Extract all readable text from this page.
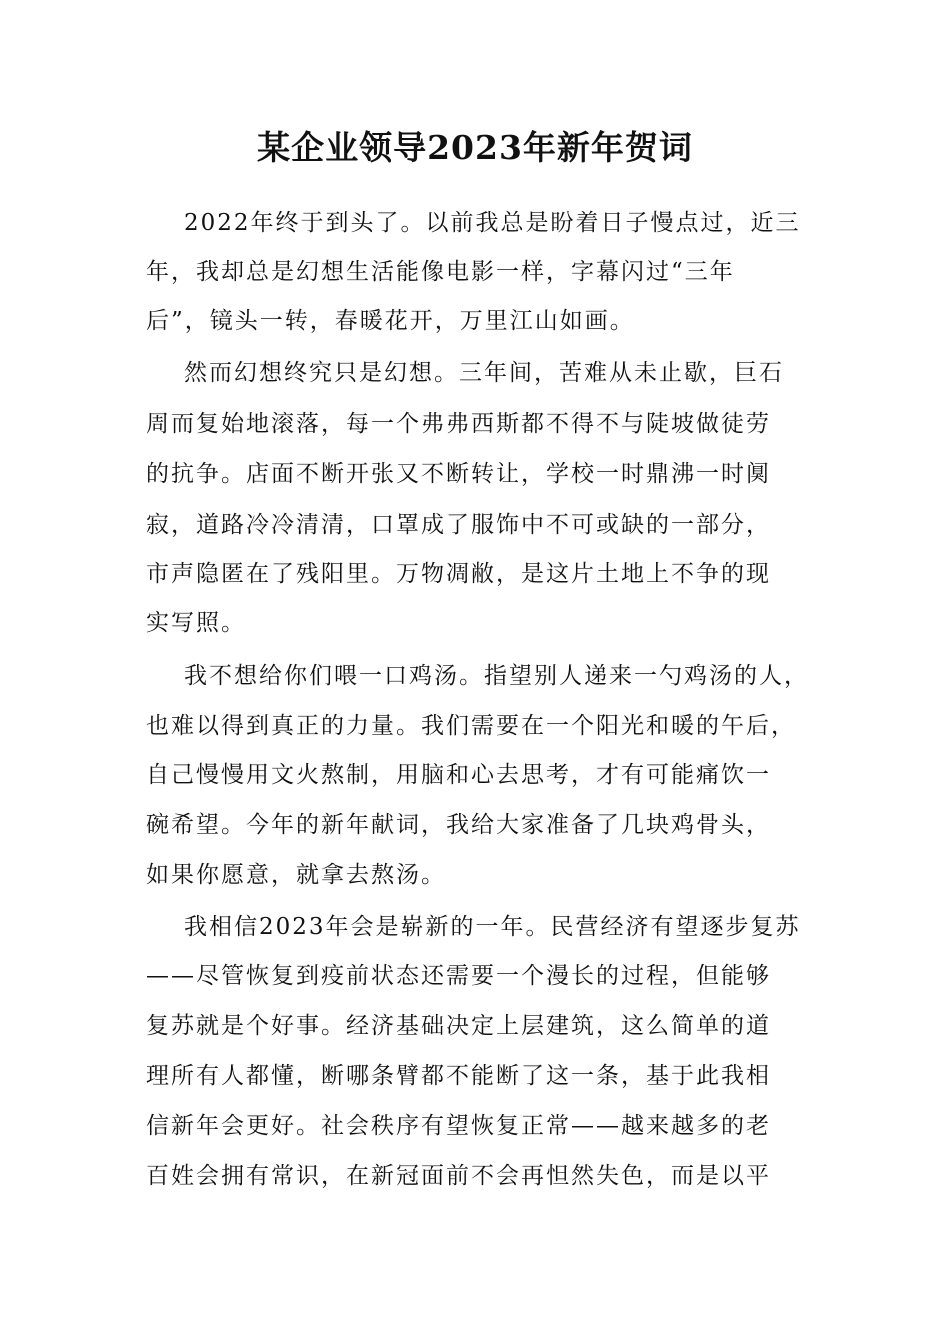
某企业领导2023年新年贺词
2022年终于到头了。以前我总是盼着日子慢点过，近三
年，我却总是幻想生活能像电影一样，字幕闪过“三年
后”，镜头一转，春暖花开，万里江山如画。
然而幻想终究只是幻想。三年间，苦难从未止歇，巨石
周而复始地滚落，每一个弗弗西斯都不得不与陡坡做徒劳
的抗争。店面不断开张又不断转让，学校一时鼎沸一时阒
寂，道路冷冷清清，口罩成了服饰中不可或缺的一部分，
市声隐匿在了残阳里。万物凋敝，是这片土地上不争的现
实写照。
我不想给你们喂一口鸡汤。指望别人递来一勺鸡汤的人，
也难以得到真正的力量。我们需要在一个阳光和暖的午后，
自己慢慢用文火熬制，用脑和心去思考，才有可能痛饮一
碗希望。今年的新年献词，我给大家准备了几块鸡骨头，
如果你愿意，就拿去熬汤。
我相信2023年会是崭新的一年。民营经济有望逐步复苏
——尽管恢复到疫前状态还需要一个漫长的过程，但能够
复苏就是个好事。经济基础决定上层建筑，这么简单的道
理所有人都懂，断哪条臂都不能断了这一条，基于此我相
信新年会更好。社会秩序有望恢复正常——越来越多的老
百姓会拥有常识，在新冠面前不会再怛然失色，而是以平
